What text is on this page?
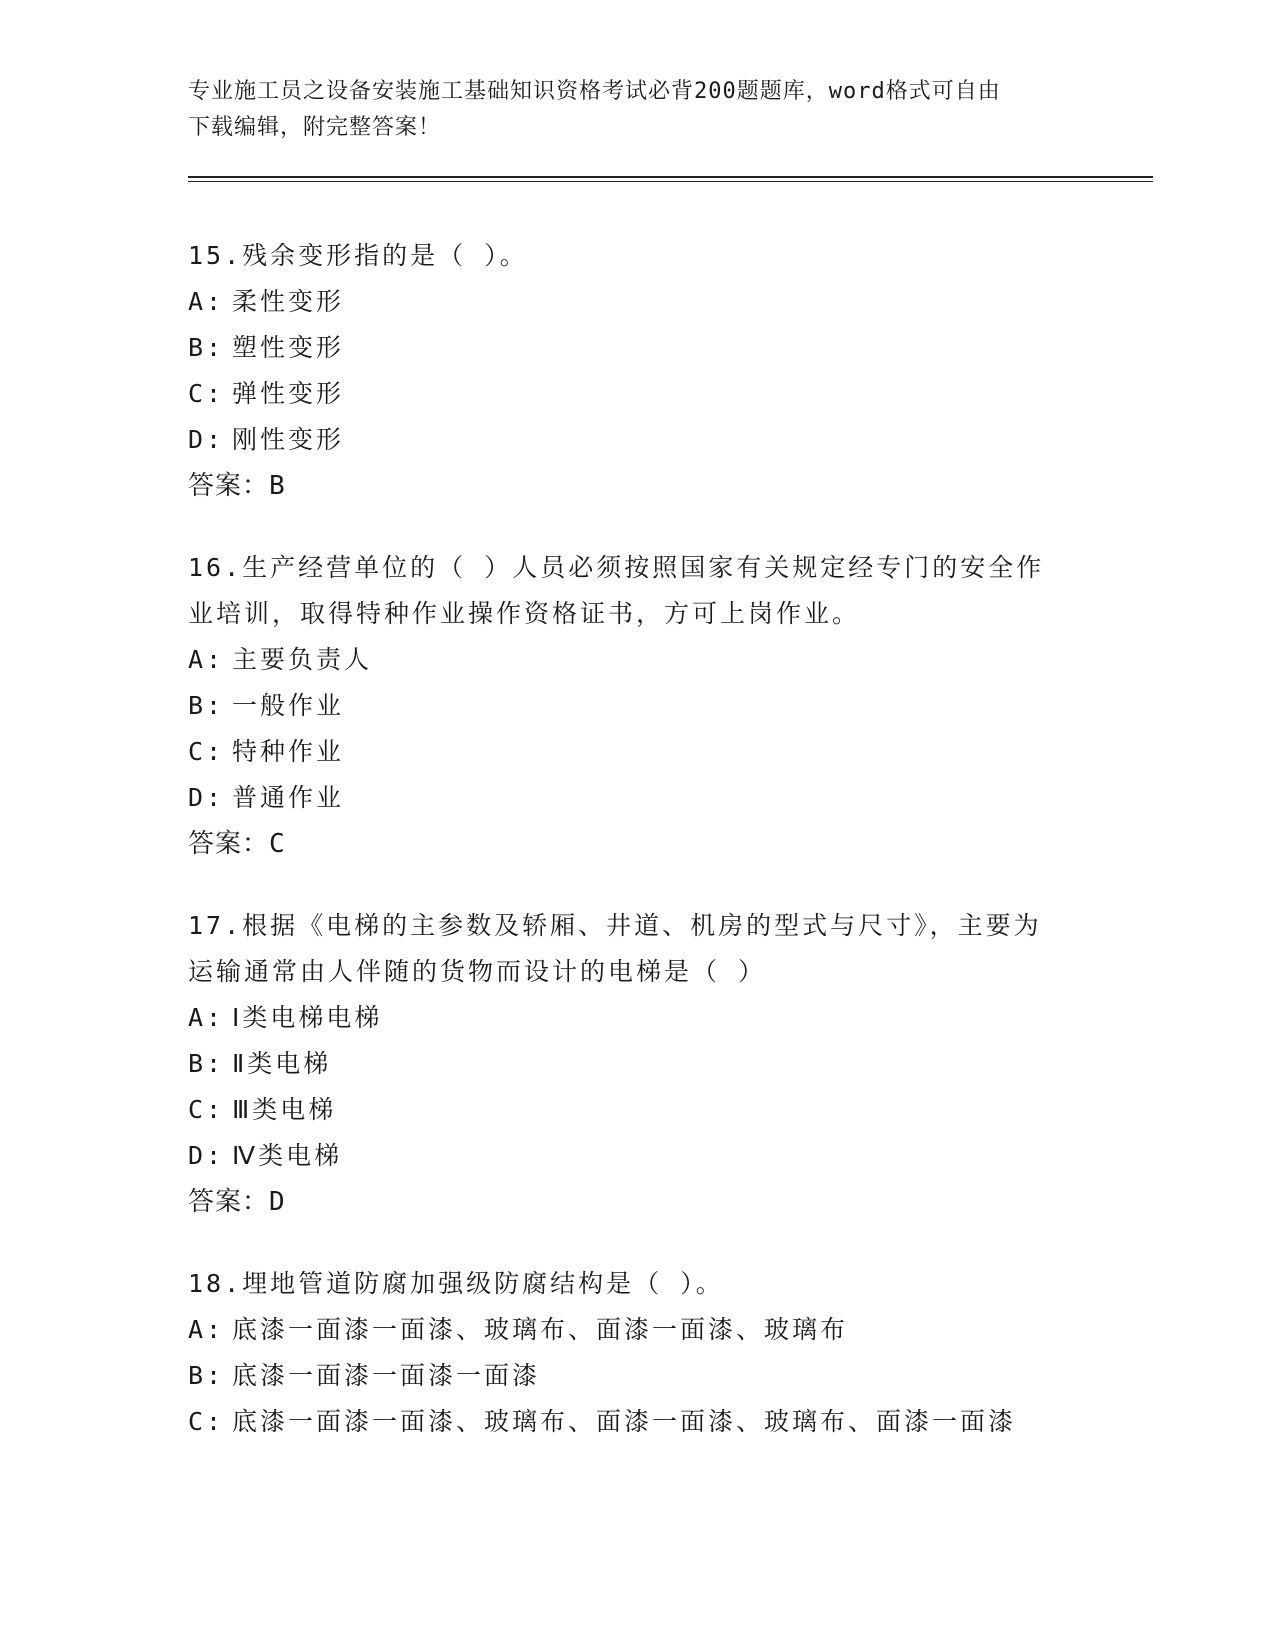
专业施工员之设备安装施工基础知识资格考试必背200题题库，word格式可自由
下载编辑，附完整答案！

15.残余变形指的是（ ）。

A: 柔性变形
B: 塑性变形
C: 弹性变形
D: 刚性变形
答案：B

16.生产经营单位的（ ）人员必须按照国家有关规定经专门的安全作

业培训，取得特种作业操作资格证书，方可上岗作业。

A: 主要负责人
B: 一般作业
C: 特种作业
D: 普通作业
答案：C

17.根据《电梯的主参数及轿厢、井道、机房的型式与尺寸》，主要为

运输通常由人伴随的货物而设计的电梯是（ ）

A: Ⅰ类电梯电梯
B: Ⅱ类电梯
C: Ⅲ类电梯
D: Ⅳ类电梯
答案：D

18.埋地管道防腐加强级防腐结构是（ ）。

A: 底漆一面漆一面漆、玻璃布、面漆一面漆、玻璃布
B: 底漆一面漆一面漆一面漆
C: 底漆一面漆一面漆、玻璃布、面漆一面漆、玻璃布、面漆一面漆
